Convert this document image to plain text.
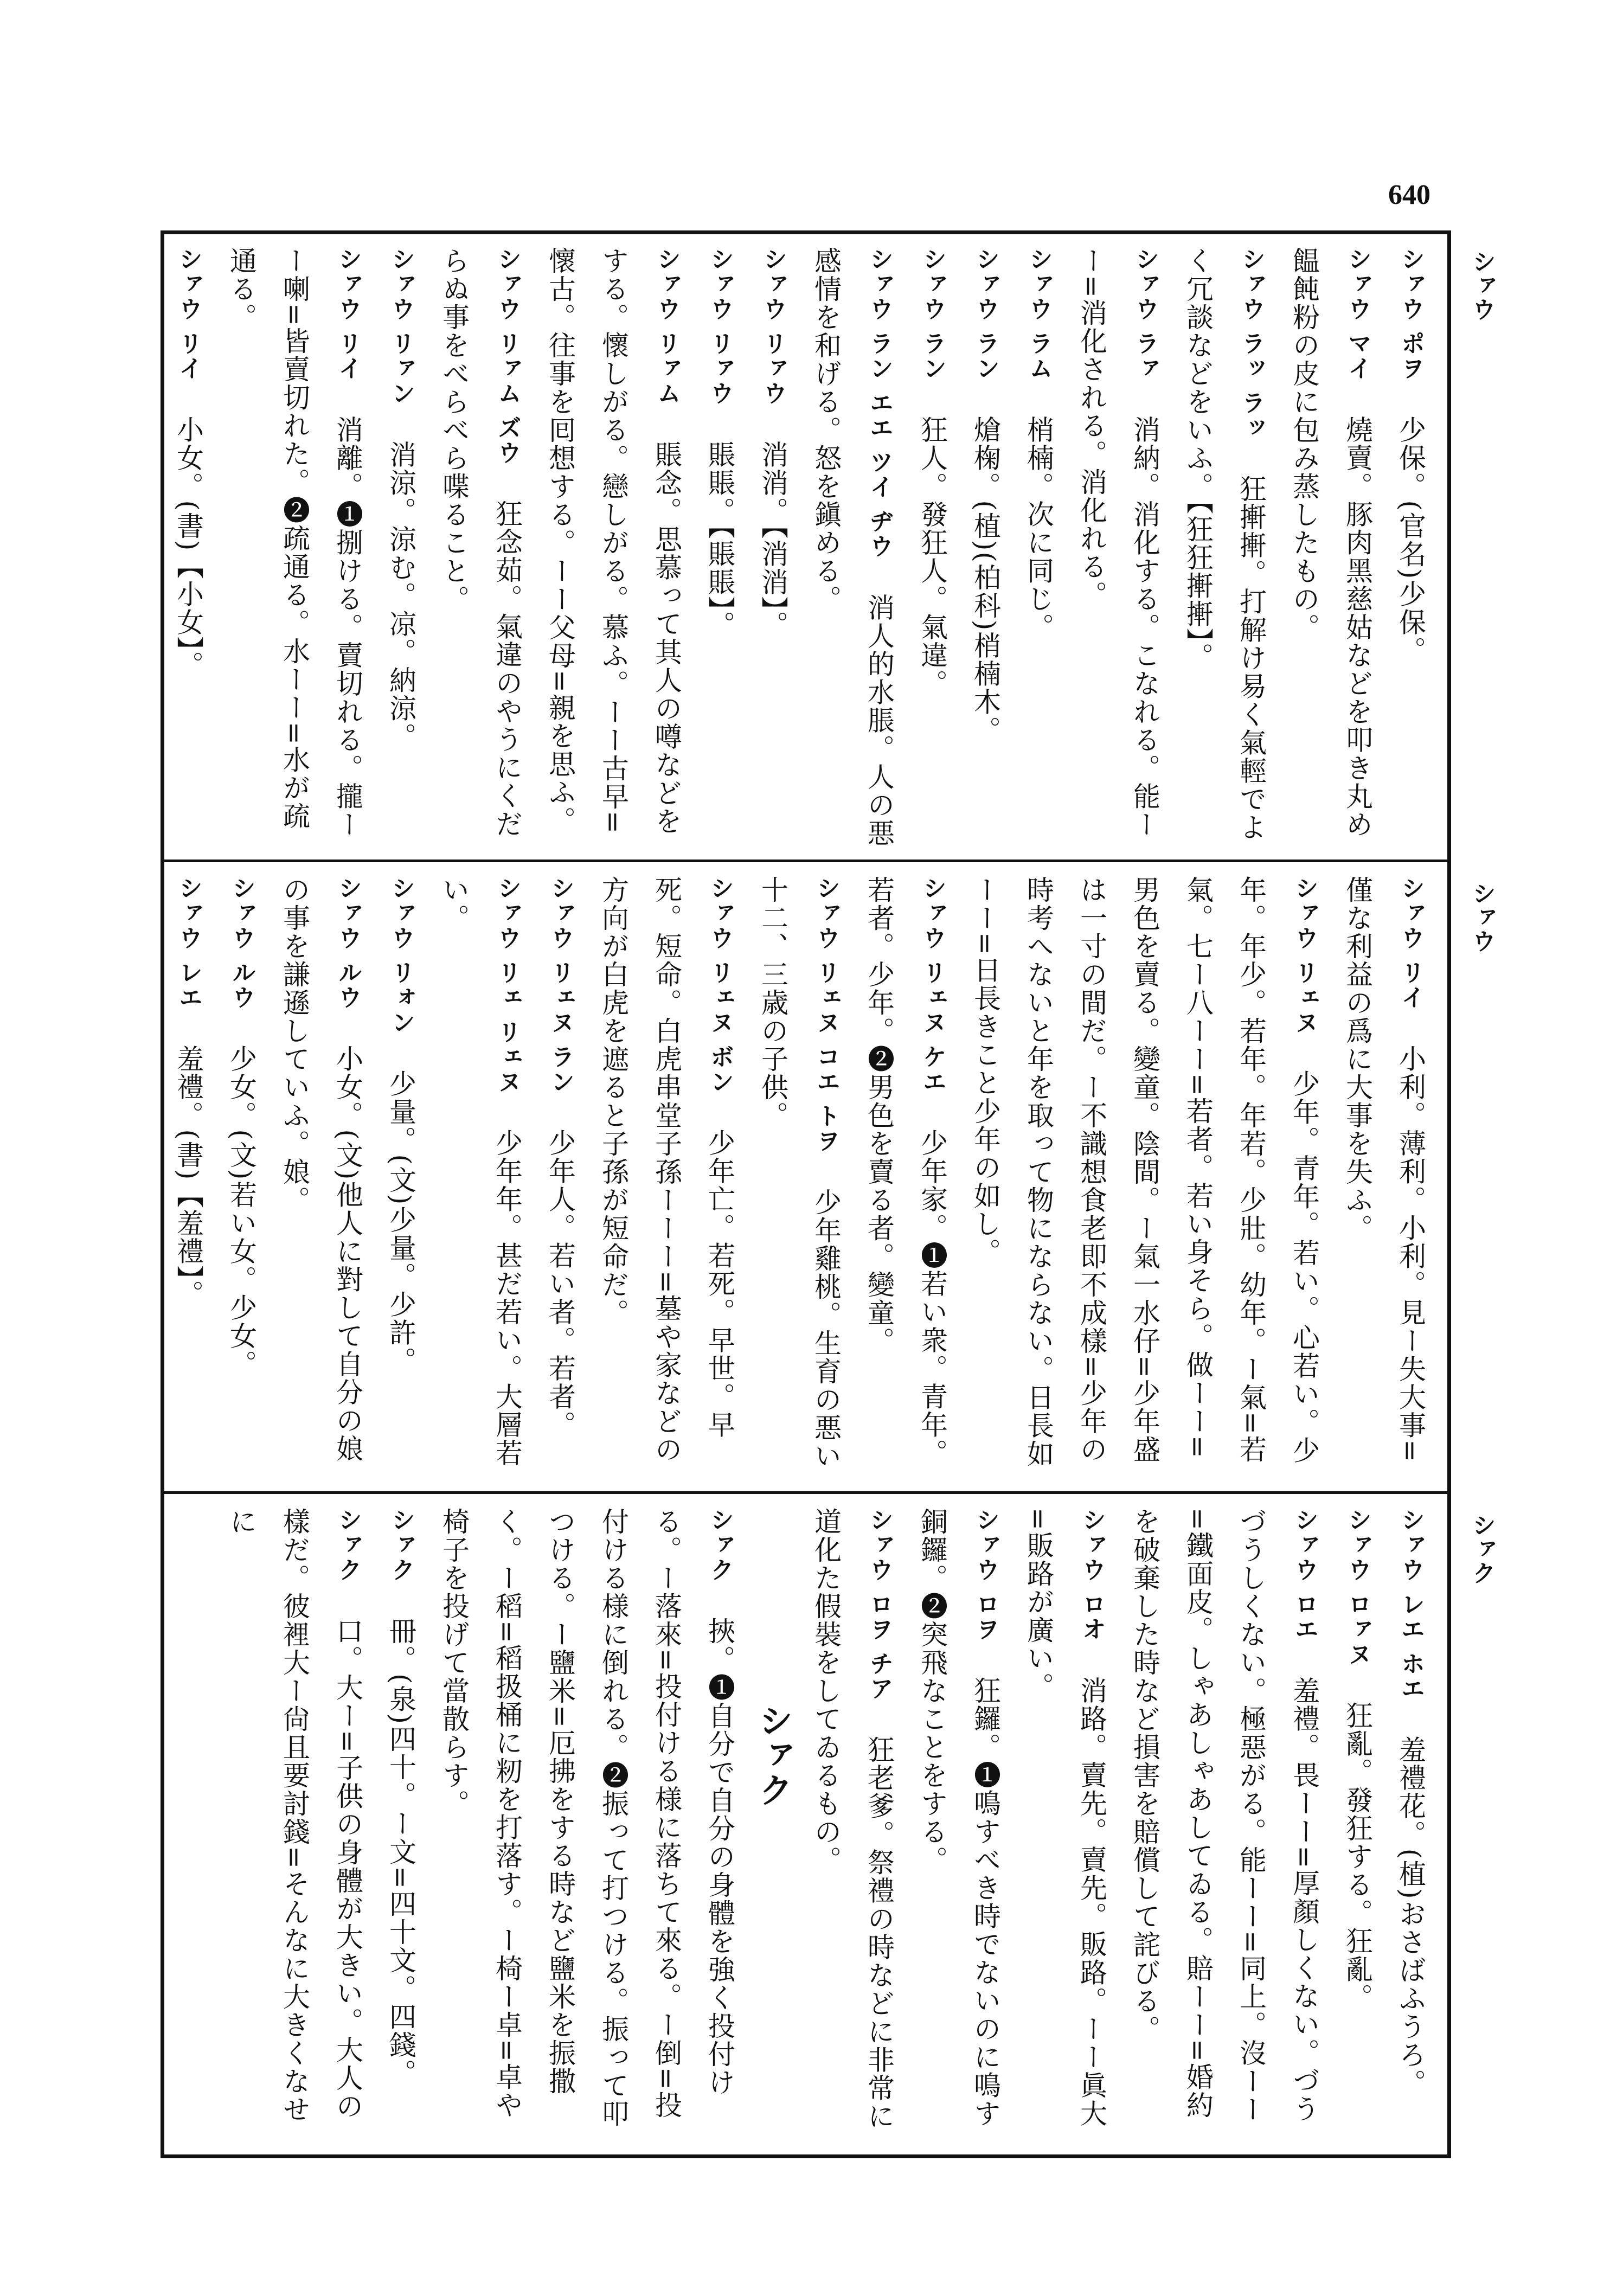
640
シァウ
シァウ
シァク
シァウ ポヲ　少保。(官名)少保。
シァウ マイ　燒賣。豚肉黑慈姑などを叩き丸め饂飩粉の皮に包み蒸したもの。
シァウ ラッ ラッ　狂搟搟。打解け易く氣輕でよく冗談などをいふ。【狂狂搟搟】。
シァウ ラァ　消納。消化する。こなれる。能ーー=消化される。消化れる。
シァウ ラム　梢楠。次に同じ。
シァウ ラン　熗椈。(植)(柏科)梢楠木。
シァウ ラン　狂人。發狂人。氣違。
シァウ ラン エエ ツイ ヂウ　消人的水脹。人の悪感情を和げる。怒を鎭める。
シァウ リァウ　消消。【消消】。
シァウ リァウ　賬賬。【賬賬】。
シァウ リァム　賬念。思慕って其人の噂などをする。懷しがる。戀しがる。慕ふ。ーー古早=懷古。往事を囘想する。ーー父母=親を思ふ。
シァウ リァム ズウ　狂念茹。氣違のやうにくだらぬ事をべらべら喋ること。
シァウ リァン　消涼。涼む。凉。納涼。
シァウ リイ　消離。❶捌ける。賣切れる。攏ーー喇=皆賣切れた。❷疏通る。水ーー=水が疏通る。
シァウ リイ　小女。(書)【小女】。
シァウ リイ　小利。薄利。小利。見ー失大事=僅な利益の爲に大事を失ふ。
シァウ リェヌ　少年。青年。若い。心若い。少年。年少。若年。年若。少壯。幼年。ー氣=若氣。七ー八ーー=若者。若い身そら。做ーー=男色を賣る。變童。陰間。ー氣一水仔=少年盛は一寸の間だ。ー不識想食老即不成樣=少年の時考へないと年を取って物にならない。日長如ーー=日長きこと少年の如し。
シァウ リェヌ ケエ　少年家。❶若い衆。青年。若者。少年。❷男色を賣る者。變童。
シァウ リェヌ コエ トヲ　少年雞桃。生育の悪い十二、三歳の子供。
シァウ リェヌ ボン　少年亡。若死。早世。早死。短命。白虎串堂子孫ーーー=墓や家などの方向が白虎を遮ると子孫が短命だ。
シァウ リェヌ ラン　少年人。若い者。若者。
シァウ リェ リェヌ　少年年。甚だ若い。大層若い。
シァウ リォン　少量。(文)少量。少許。
シァウ ルウ　小女。(文)他人に對して自分の娘の事を謙遜していふ。娘。
シァウ ルウ　少女。(文)若い女。少女。
シァウ レエ　羞禮。(書)【羞禮】。
シァウ レエ ホエ　羞禮花。(植)おさばふうろ。
シァウ ロァヌ　狂亂。發狂する。狂亂。
シァウ ロエ　羞禮。畏ーー=厚顏しくない。づうづうしくない。極惡がる。能ーー=同上。沒ーー=鐵面皮。しゃあしゃあしてゐる。賠ーー=婚約を破棄した時など損害を賠償して詫びる。
シァウ ロオ　消路。賣先。賣先。販路。ーー眞大=販路が廣い。
シァウ ロヲ　狂鑼。❶鳴すべき時でないのに鳴す銅鑼。❷突飛なことをする。
シァウ ロヲ チア　狂老爹。祭禮の時などに非常に道化た假裝をしてゐるもの。
シァク
シァク　挾。❶自分で自分の身體を強く投付ける。ー落來=投付ける様に落ちて來る。ー倒=投付ける様に倒れる。❷振って打つける。振って叩つける。ー鹽米=厄拂をする時など鹽米を振撒く。ー稻=稻扱桶に籾を打落す。ー椅ー卓=卓や椅子を投げて當散らす。
シァク　冊。(泉)四十。ー文=四十文。四錢。
シァク　口。大ー=子供の身體が大きい。大人の樣だ。彼裡大ー尙且要討錢=そんなに大きくなせに
